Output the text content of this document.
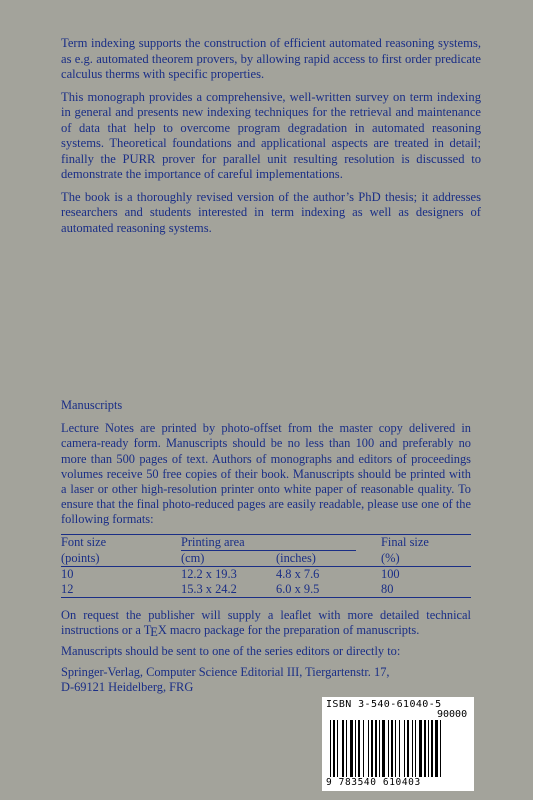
Term indexing supports the construction of efficient automated reasoning systems, as e.g. automated theorem provers, by allowing rapid access to first order predicate calculus therms with specific properties.

This monograph provides a comprehensive, well-written survey on term indexing in general and presents new indexing techniques for the retrieval and maintenance of data that help to overcome program degradation in automated reasoning systems. Theoretical foundations and applicational aspects are treated in detail; finally the PURR prover for parallel unit resulting resolution is discussed to demonstrate the importance of careful implementations.

The book is a thoroughly revised version of the author’s PhD thesis; it addresses researchers and students interested in term indexing as well as designers of automated reasoning systems.

Manuscripts

Lecture Notes are printed by photo-offset from the master copy delivered in camera-ready form. Manuscripts should be no less than 100 and preferably no more than 500 pages of text. Authors of monographs and editors of proceedings volumes receive 50 free copies of their book. Manuscripts should be printed with a laser or other high-resolution printer onto white paper of reasonable quality. To ensure that the final photo-reduced pages are easily readable, please use one of the following formats:

Font size	Printing area		Final size
(points)	(cm)	(inches)	(%)
10	12.2 x 19.3	4.8 x 7.6	100
12	15.3 x 24.2	6.0 x 9.5	80

On request the publisher will supply a leaflet with more detailed technical instructions or a TEX macro package for the preparation of manuscripts.

Manuscripts should be sent to one of the series editors or directly to:

Springer-Verlag, Computer Science Editorial III, Tiergartenstr. 17,
D-69121 Heidelberg, FRG
ISBN 3-540-61040-5
90000
9 783540 610403
